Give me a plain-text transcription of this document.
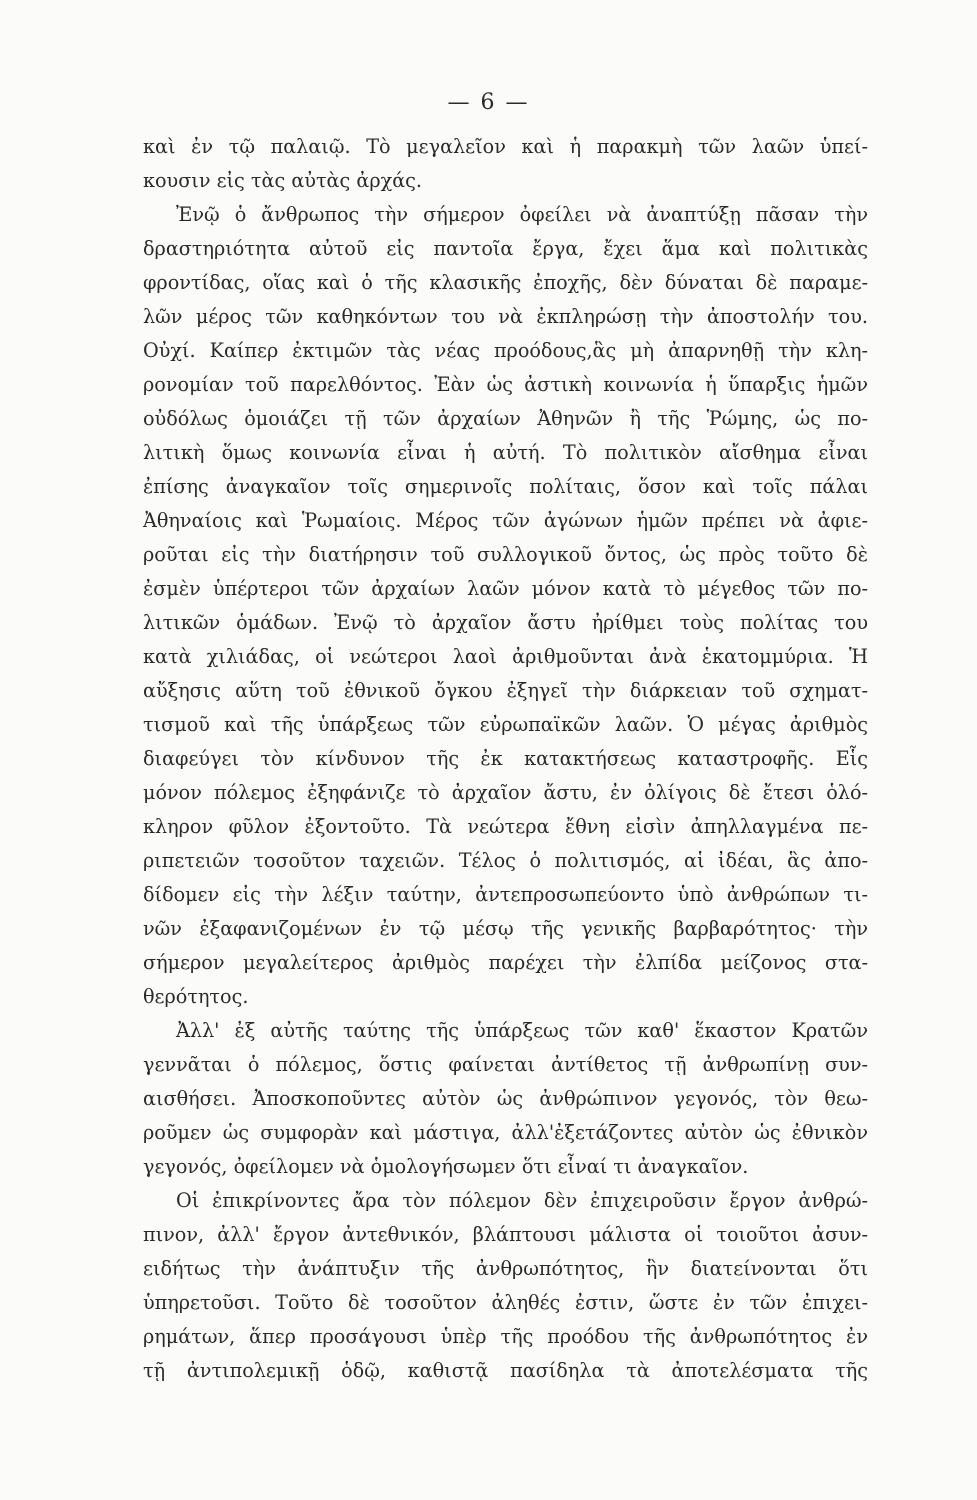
— 6 —
καὶ ἐν τῷ παλαιῷ. Τὸ μεγαλεῖον καὶ ἡ παρακμὴ τῶν λαῶν ὑπεί-
κουσιν εἰς τὰς αὐτὰς ἀρχάς.
Ἐνῷ ὁ ἄνθρωπος τὴν σήμερον ὀφείλει νὰ ἀναπτύξῃ πᾶσαν τὴν
δραστηριότητα αὐτοῦ εἰς παντοῖα ἔργα, ἔχει ἅμα καὶ πολιτικὰς
φροντίδας, οἵας καὶ ὁ τῆς κλασικῆς ἐποχῆς, δὲν δύναται δὲ παραμε-
λῶν μέρος τῶν καθηκόντων του νὰ ἐκπληρώσῃ τὴν ἀποστολήν του.
Οὐχί. Καίπερ ἐκτιμῶν τὰς νέας προόδους,ἃς μὴ ἀπαρνηθῇ τὴν κλη-
ρονομίαν τοῦ παρελθόντος. Ἐὰν ὡς ἀστικὴ κοινωνία ἡ ὕπαρξις ἡμῶν
οὐδόλως ὁμοιάζει τῇ τῶν ἀρχαίων Ἀθηνῶν ἢ τῆς Ῥώμης, ὡς πο-
λιτικὴ ὅμως κοινωνία εἶναι ἡ αὐτή. Τὸ πολιτικὸν αἴσθημα εἶναι
ἐπίσης ἀναγκαῖον τοῖς σημερινοῖς πολίταις, ὅσον καὶ τοῖς πάλαι
Ἀθηναίοις καὶ Ῥωμαίοις. Μέρος τῶν ἀγώνων ἡμῶν πρέπει νὰ ἀφιε-
ροῦται εἰς τὴν διατήρησιν τοῦ συλλογικοῦ ὄντος, ὡς πρὸς τοῦτο δὲ
ἐσμὲν ὑπέρτεροι τῶν ἀρχαίων λαῶν μόνον κατὰ τὸ μέγεθος τῶν πο-
λιτικῶν ὁμάδων. Ἐνῷ τὸ ἀρχαῖον ἄστυ ἠρίθμει τοὺς πολίτας του
κατὰ χιλιάδας, οἱ νεώτεροι λαοὶ ἀριθμοῦνται ἀνὰ ἑκατομμύρια. Ἡ
αὔξησις αὕτη τοῦ ἐθνικοῦ ὄγκου ἐξηγεῖ τὴν διάρκειαν τοῦ σχηματ-
τισμοῦ καὶ τῆς ὑπάρξεως τῶν εὐρωπαϊκῶν λαῶν. Ὁ μέγας ἀριθμὸς
διαφεύγει τὸν κίνδυνον τῆς ἐκ κατακτήσεως καταστροφῆς. Εἷς
μόνον πόλεμος ἐξηφάνιζε τὸ ἀρχαῖον ἄστυ, ἐν ὀλίγοις δὲ ἔτεσι ὁλό-
κληρον φῦλον ἐξοντοῦτο. Τὰ νεώτερα ἔθνη εἰσὶν ἀπηλλαγμένα πε-
ριπετειῶν τοσοῦτον ταχειῶν. Τέλος ὁ πολιτισμός, αἱ ἰδέαι, ἃς ἀπο-
δίδομεν εἰς τὴν λέξιν ταύτην, ἀντεπροσωπεύοντο ὑπὸ ἀνθρώπων τι-
νῶν ἐξαφανιζομένων ἐν τῷ μέσῳ τῆς γενικῆς βαρβαρότητος· τὴν
σήμερον μεγαλείτερος ἀριθμὸς παρέχει τὴν ἐλπίδα μείζονος στα-
θερότητος.
Ἀλλ' ἐξ αὐτῆς ταύτης τῆς ὑπάρξεως τῶν καθ' ἕκαστον Κρατῶν
γεννᾶται ὁ πόλεμος, ὅστις φαίνεται ἀντίθετος τῇ ἀνθρωπίνῃ συν-
αισθήσει. Ἀποσκοποῦντες αὐτὸν ὡς ἀνθρώπινον γεγονός, τὸν θεω-
ροῦμεν ὡς συμφορὰν καὶ μάστιγα, ἀλλ'ἐξετάζοντες αὐτὸν ὡς ἐθνικὸν
γεγονός, ὀφείλομεν νὰ ὁμολογήσωμεν ὅτι εἶναί τι ἀναγκαῖον.
Οἱ ἐπικρίνοντες ἄρα τὸν πόλεμον δὲν ἐπιχειροῦσιν ἔργον ἀνθρώ-
πινον, ἀλλ' ἔργον ἀντεθνικόν, βλάπτουσι μάλιστα οἱ τοιοῦτοι ἀσυν-
ειδήτως τὴν ἀνάπτυξιν τῆς ἀνθρωπότητος, ἣν διατείνονται ὅτι
ὑπηρετοῦσι. Τοῦτο δὲ τοσοῦτον ἀληθές ἐστιν, ὥστε ἐν τῶν ἐπιχει-
ρημάτων, ἅπερ προσάγουσι ὑπὲρ τῆς προόδου τῆς ἀνθρωπότητος ἐν
τῇ ἀντιπολεμικῇ ὁδῷ, καθιστᾷ πασίδηλα τὰ ἀποτελέσματα τῆς
